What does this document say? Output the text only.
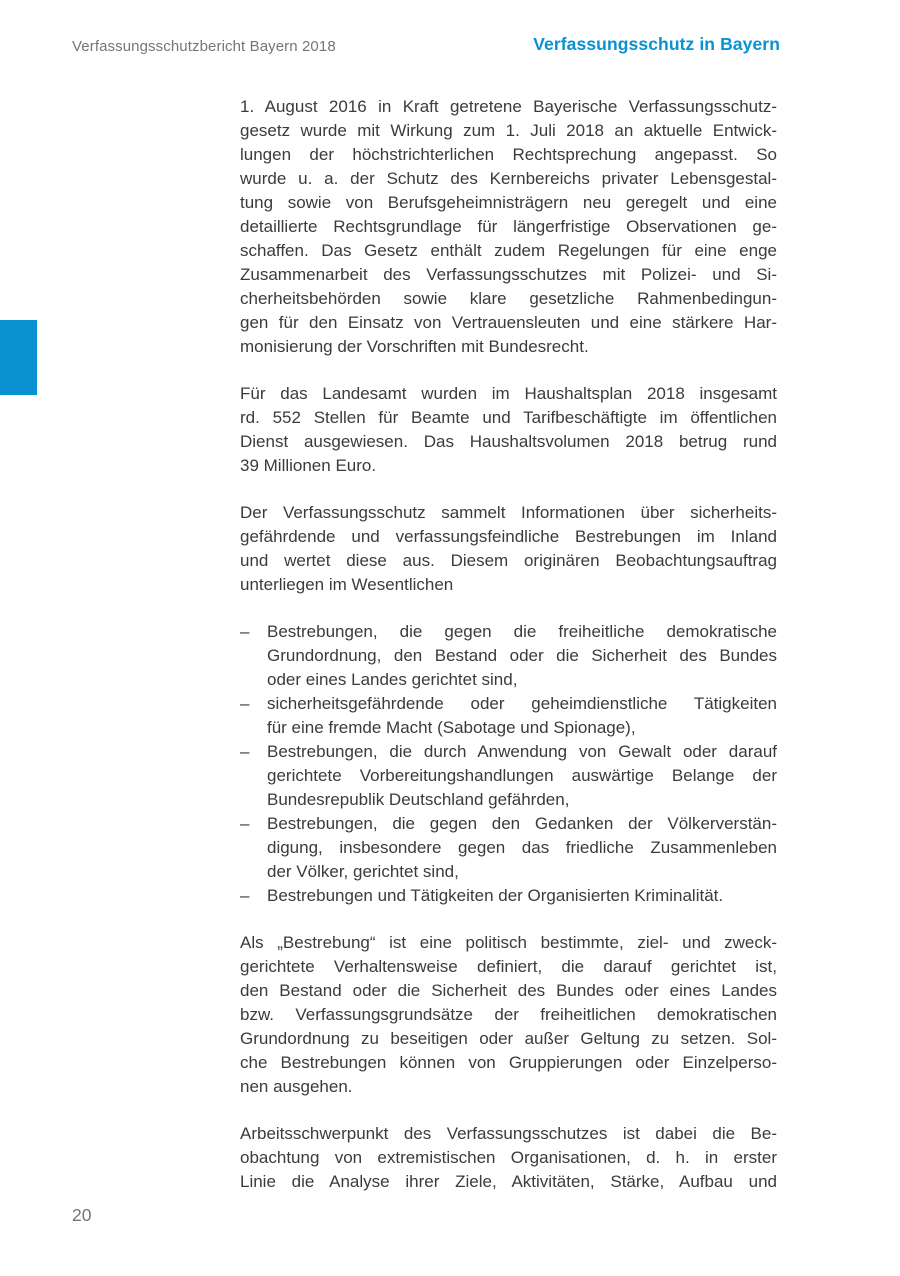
Verfassungsschutzbericht Bayern 2018	Verfassungsschutz in Bayern
1. August 2016 in Kraft getretene Bayerische Verfassungsschutz-
gesetz wurde mit Wirkung zum 1. Juli 2018 an aktuelle Entwick-
lungen der höchstrichterlichen Rechtsprechung angepasst. So
wurde u. a. der Schutz des Kernbereichs privater Lebensgestal-
tung sowie von Berufsgeheimnisträgern neu geregelt und eine
detaillierte Rechtsgrundlage für längerfristige Observationen ge-
schaffen. Das Gesetz enthält zudem Regelungen für eine enge
Zusammenarbeit des Verfassungsschutzes mit Polizei- und Si-
cherheitsbehörden sowie klare gesetzliche Rahmenbedingun-
gen für den Einsatz von Vertrauensleuten und eine stärkere Har-
monisierung der Vorschriften mit Bundesrecht.
Für das Landesamt wurden im Haushaltsplan 2018 insgesamt
rd. 552 Stellen für Beamte und Tarifbeschäftigte im öffentlichen
Dienst ausgewiesen. Das Haushaltsvolumen 2018 betrug rund
39 Millionen Euro.
Der Verfassungsschutz sammelt Informationen über sicherheits-
gefährdende und verfassungsfeindliche Bestrebungen im Inland
und wertet diese aus. Diesem originären Beobachtungsauftrag
unterliegen im Wesentlichen
– Bestrebungen, die gegen die freiheitliche demokratische
Grundordnung, den Bestand oder die Sicherheit des Bundes
oder eines Landes gerichtet sind,
– sicherheitsgefährdende oder geheimdienstliche Tätigkeiten
für eine fremde Macht (Sabotage und Spionage),
– Bestrebungen, die durch Anwendung von Gewalt oder darauf
gerichtete Vorbereitungshandlungen auswärtige Belange der
Bundesrepublik Deutschland gefährden,
– Bestrebungen, die gegen den Gedanken der Völkerverstän-
digung, insbesondere gegen das friedliche Zusammenleben
der Völker, gerichtet sind,
– Bestrebungen und Tätigkeiten der Organisierten Kriminalität.
Als „Bestrebung“ ist eine politisch bestimmte, ziel- und zweck-
gerichtete Verhaltensweise definiert, die darauf gerichtet ist,
den Bestand oder die Sicherheit des Bundes oder eines Landes
bzw. Verfassungsgrundsätze der freiheitlichen demokratischen
Grundordnung zu beseitigen oder außer Geltung zu setzen. Sol-
che Bestrebungen können von Gruppierungen oder Einzelperso-
nen ausgehen.
Arbeitsschwerpunkt des Verfassungsschutzes ist dabei die Be-
obachtung von extremistischen Organisationen, d. h. in erster
Linie die Analyse ihrer Ziele, Aktivitäten, Stärke, Aufbau und
20
